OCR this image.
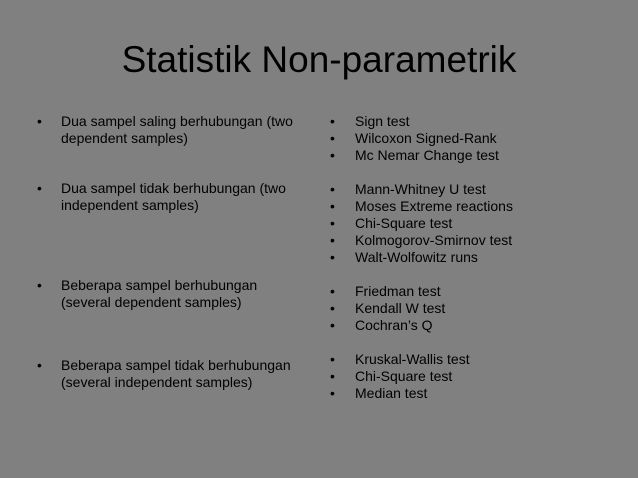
Statistik Non-parametrik
• Dua sampel saling berhubungan (two dependent samples)
• Dua sampel tidak berhubungan (two independent samples)
• Beberapa sampel berhubungan (several dependent samples)
• Beberapa sampel tidak berhubungan (several independent samples)
• Sign test
• Wilcoxon Signed-Rank
• Mc Nemar Change test
• Mann-Whitney U test
• Moses Extreme reactions
• Chi-Square test
• Kolmogorov-Smirnov test
• Walt-Wolfowitz runs
• Friedman test
• Kendall W test
• Cochran’s Q
• Kruskal-Wallis test
• Chi-Square test
• Median test
